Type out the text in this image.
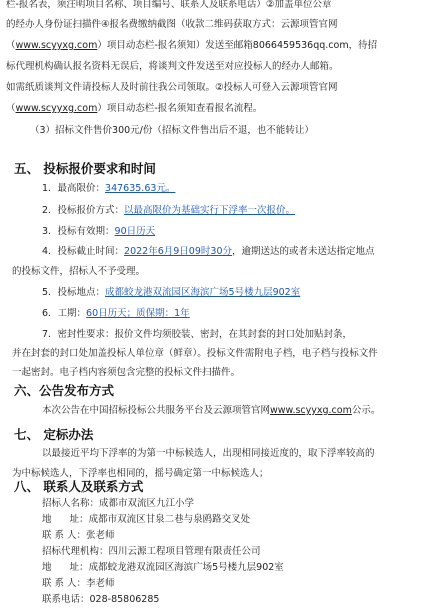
栏-报名表，须注明项目名称、项目编号、联系人及联系电话）②加盖单位公章
的经办人身份证扫描件④报名费缴纳截图（收款二维码获取方式：云源项管官网
（www.scyyxg.com）项目动态栏-报名须知）发送至邮箱8066459536qq.com，待招
标代理机构确认报名资料无误后，将谈判文件发送至对应投标人的经办人邮箱。
如需纸质谈判文件请投标人及时前往我公司领取。②投标人可登入云源项管官网
（www.scyyxg.com）项目动态栏-报名须知查看报名流程。
（3）招标文件售价300元/份（招标文件售出后不退，也不能转让）
五、 投标报价要求和时间
1．最高限价：347635.63元。
2．投标报价方式：以最高限价为基础实行下浮率一次报价。
3．投标有效期：90日历天
4．投标截止时间：2022年6月9日09时30分，逾期送达的或者未送达指定地点
的投标文件，招标人不予受理。
5．投标地点：成都蛟龙港双流园区海滨广场5号楼九层902室
6．工期：60日历天；质保期：1年
7．密封性要求：报价文件均须胶装、密封，在其封套的封口处加贴封条，
并在封套的封口处加盖投标人单位章（鲜章）。投标文件需附电子档，电子档与投标文件
一起密封。电子档内容须包含完整的投标文件扫描件。
六、公告发布方式
本次公告在中国招标投标公共服务平台及云源项管官网www.scyyxg.com公示。
七、 定标办法
以最接近平均下浮率的为第一中标候选人，出现相同接近度的，取下浮率较高的
为中标候选人，下浮率也相同的，摇号确定第一中标候选人；
八、 联系人及联系方式
招标人名称：成都市双流区九江小学
地      址：成都市双流区甘泉二巷与泉鸥路交叉处
联 系 人：张老师
招标代理机构：四川云源工程项目管理有限责任公司
地      址：成都蛟龙港双流园区海滨广场5号楼九层902室
联 系 人：李老师
联系电话：028-85806285
